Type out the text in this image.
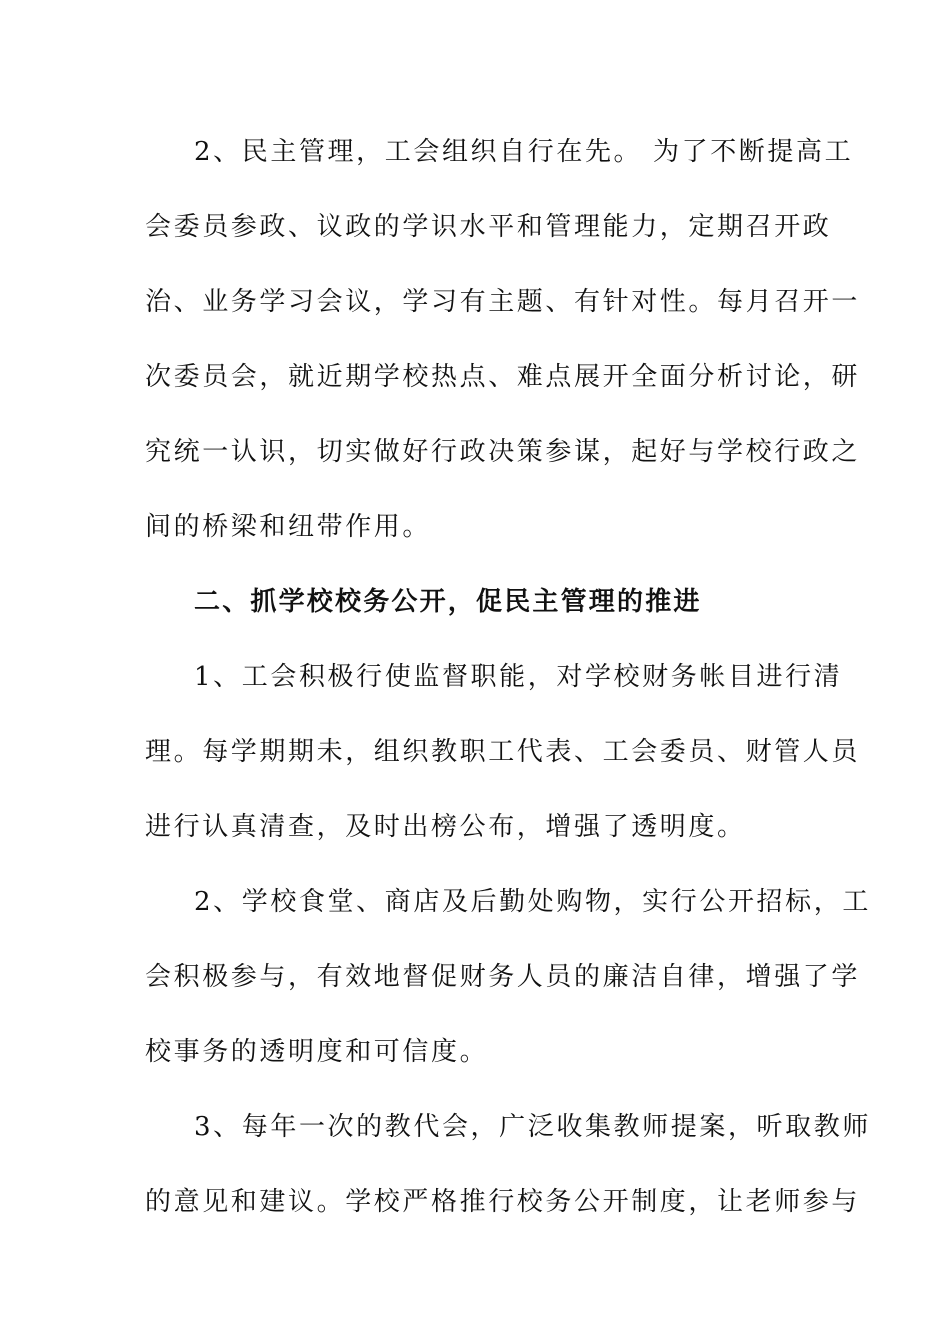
2、民主管理，工会组织自行在先。 为了不断提高工
会委员参政、议政的学识水平和管理能力，定期召开政
治、业务学习会议，学习有主题、有针对性。每月召开一
次委员会，就近期学校热点、难点展开全面分析讨论，研
究统一认识，切实做好行政决策参谋，起好与学校行政之
间的桥梁和纽带作用。
二、抓学校校务公开，促民主管理的推进
1、工会积极行使监督职能，对学校财务帐目进行清
理。每学期期未，组织教职工代表、工会委员、财管人员
进行认真清查，及时出榜公布，增强了透明度。
2、学校食堂、商店及后勤处购物，实行公开招标，工
会积极参与，有效地督促财务人员的廉洁自律，增强了学
校事务的透明度和可信度。
3、每年一次的教代会，广泛收集教师提案，听取教师
的意见和建议。学校严格推行校务公开制度，让老师参与
